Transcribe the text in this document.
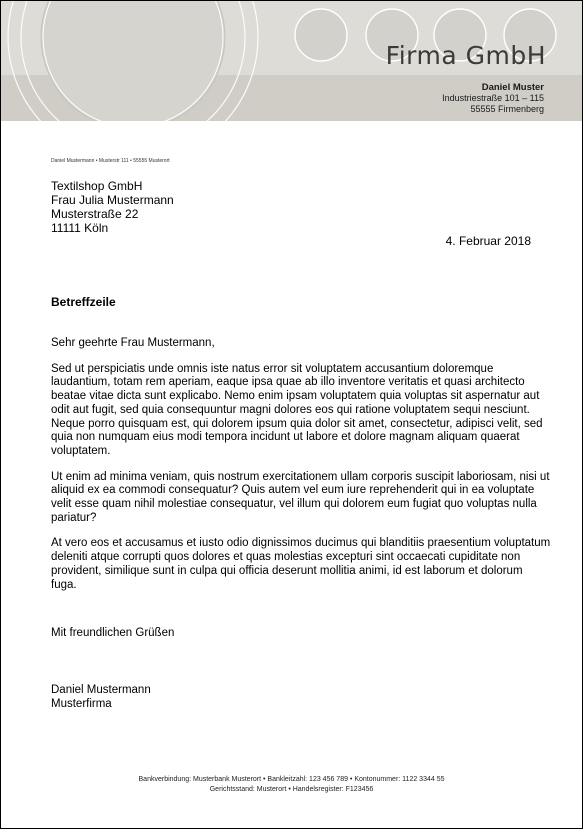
Firma GmbH
Daniel Muster
Industriestraße 101 – 115
55555 Firmenberg
Daniel Mustermann • Musterstr 111 • 55555 Musterort
Textilshop GmbH
Frau Julia Mustermann
Musterstraße 22
11111 Köln
4. Februar 2018
Betreffzeile

Sehr geehrte Frau Mustermann,

Sed ut perspiciatis unde omnis iste natus error sit voluptatem accusantium doloremque laudantium, totam rem aperiam, eaque ipsa quae ab illo inventore veritatis et quasi architecto beatae vitae dicta sunt explicabo. Nemo enim ipsam voluptatem quia voluptas sit aspernatur aut odit aut fugit, sed quia consequuntur magni dolores eos qui ratione voluptatem sequi nesciunt. Neque porro quisquam est, qui dolorem ipsum quia dolor sit amet, consectetur, adipisci velit, sed quia non numquam eius modi tempora incidunt ut labore et dolore magnam aliquam quaerat voluptatem.

Ut enim ad minima veniam, quis nostrum exercitationem ullam corporis suscipit laboriosam, nisi ut aliquid ex ea commodi consequatur? Quis autem vel eum iure reprehenderit qui in ea voluptate velit esse quam nihil molestiae consequatur, vel illum qui dolorem eum fugiat quo voluptas nulla pariatur?

At vero eos et accusamus et iusto odio dignissimos ducimus qui blanditiis praesentium voluptatum deleniti atque corrupti quos dolores et quas molestias excepturi sint occaecati cupiditate non provident, similique sunt in culpa qui officia deserunt mollitia animi, id est laborum et dolorum fuga.

Mit freundlichen Grüßen
Daniel Mustermann
Musterfirma
Bankverbindung: Musterbank Musterort • Bankleitzahl: 123 456 789 • Kontonummer: 1122 3344 55
Gerichtsstand: Musterort • Handelsregister: F123456
